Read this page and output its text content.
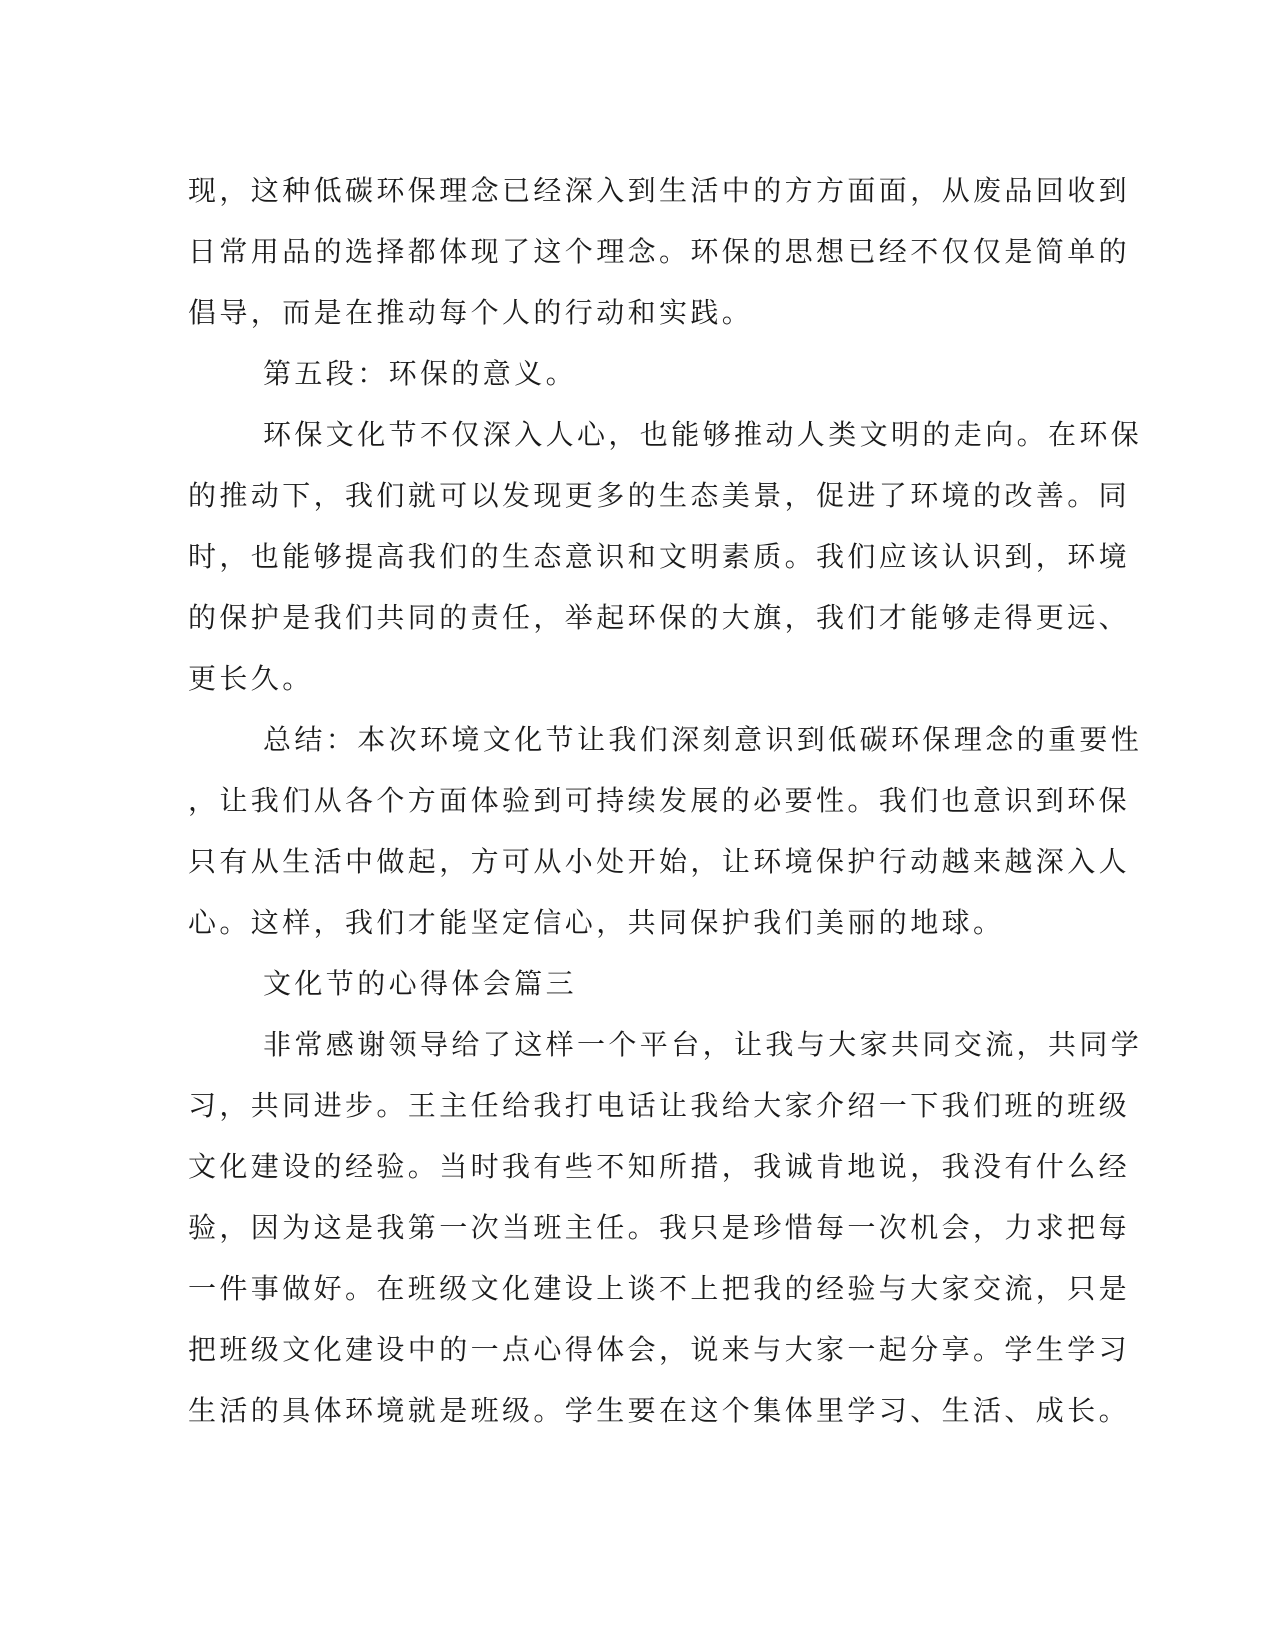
现，这种低碳环保理念已经深入到生活中的方方面面，从废品回收到
日常用品的选择都体现了这个理念。环保的思想已经不仅仅是简单的
倡导，而是在推动每个人的行动和实践。
第五段：环保的意义。
环保文化节不仅深入人心，也能够推动人类文明的走向。在环保
的推动下，我们就可以发现更多的生态美景，促进了环境的改善。同
时，也能够提高我们的生态意识和文明素质。我们应该认识到，环境
的保护是我们共同的责任，举起环保的大旗，我们才能够走得更远、
更长久。
总结：本次环境文化节让我们深刻意识到低碳环保理念的重要性
，让我们从各个方面体验到可持续发展的必要性。我们也意识到环保
只有从生活中做起，方可从小处开始，让环境保护行动越来越深入人
心。这样，我们才能坚定信心，共同保护我们美丽的地球。
文化节的心得体会篇三
非常感谢领导给了这样一个平台，让我与大家共同交流，共同学
习，共同进步。王主任给我打电话让我给大家介绍一下我们班的班级
文化建设的经验。当时我有些不知所措，我诚肯地说，我没有什么经
验，因为这是我第一次当班主任。我只是珍惜每一次机会，力求把每
一件事做好。在班级文化建设上谈不上把我的经验与大家交流，只是
把班级文化建设中的一点心得体会，说来与大家一起分享。学生学习
生活的具体环境就是班级。学生要在这个集体里学习、生活、成长。
